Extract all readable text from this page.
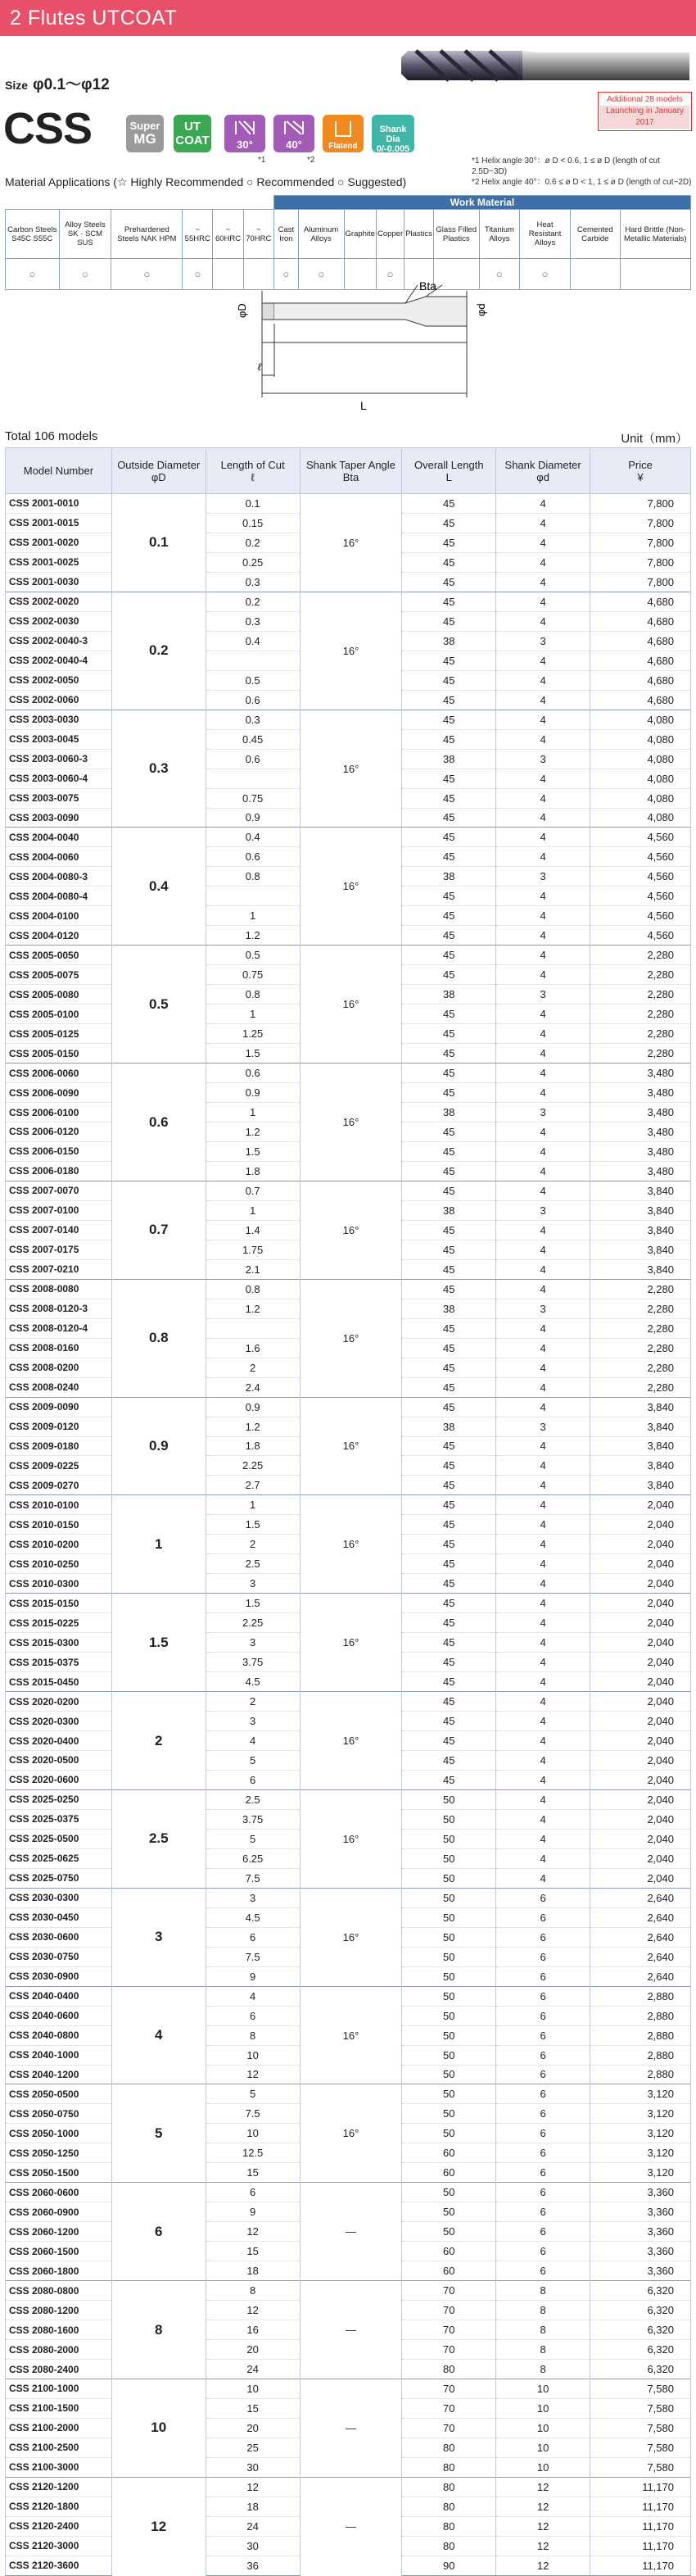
2 Flutes UTCOAT
Size φ0.1～φ12
CSS	Super
MG
UT
COAT	30°	40°	Flatend
Shank Dia
0/-0.005
*1	*2
Additional 28 models
Launching in January 2017
*1 Helix angle 30°：ø D < 0.6, 1 ≤ ø D (length of cut 2.5D~3D)
*2 Helix angle 40°：0.6 ≤ ø D < 1, 1 ≤ ø D (length of cut~2D)
Material Applications (☆ Highly Recommended ○ Recommended ○ Suggested)
						Work Material									
Carbon Steels S45C S55C	Alloy Steels SK · SCM SUS	Prehardened Steels NAK HPM	~ 55HRC	~ 60HRC	~ 70HRC	Cast Iron	Aluminum Alloys	Graphite	Copper	Plastics	Glass Filled Plastics	Titanium Alloys	Heat Resistant Alloys	Cemented Carbide	Hard Brittle (Non-Metallic Materials)
○	○	○	○			○	○		○			○	○		
Bta
φD	φd
ℓ
L
Total 106 models	Unit（mm）
Model Number	Outside Diameter
φD	Length of Cut
ℓ	Shank Taper Angle
Bta	Overall Length
L	Shank Diameter
φd	Price
¥
CSS 2001-0010	0.1	0.1	16°	45	4	7,800
CSS 2001-0015		0.15		45	4	7,800
CSS 2001-0020		0.2		45	4	7,800
CSS 2001-0025		0.25		45	4	7,800
CSS 2001-0030		0.3		45	4	7,800
CSS 2002-0020	0.2	0.2	16°	45	4	4,680
CSS 2002-0030		0.3		45	4	4,680
CSS 2002-0040-3		0.4		38	3	4,680
CSS 2002-0040-4				45	4	4,680
CSS 2002-0050		0.5		45	4	4,680
CSS 2002-0060		0.6		45	4	4,680
CSS 2003-0030	0.3	0.3	16°	45	4	4,080
CSS 2003-0045		0.45		45	4	4,080
CSS 2003-0060-3		0.6		38	3	4,080
CSS 2003-0060-4				45	4	4,080
CSS 2003-0075		0.75		45	4	4,080
CSS 2003-0090		0.9		45	4	4,080
CSS 2004-0040	0.4	0.4	16°	45	4	4,560
CSS 2004-0060		0.6		45	4	4,560
CSS 2004-0080-3		0.8		38	3	4,560
CSS 2004-0080-4				45	4	4,560
CSS 2004-0100		1		45	4	4,560
CSS 2004-0120		1.2		45	4	4,560
CSS 2005-0050	0.5	0.5	16°	45	4	2,280
CSS 2005-0075		0.75		45	4	2,280
CSS 2005-0080		0.8		38	3	2,280
CSS 2005-0100		1		45	4	2,280
CSS 2005-0125		1.25		45	4	2,280
CSS 2005-0150		1.5		45	4	2,280
CSS 2006-0060	0.6	0.6	16°	45	4	3,480
CSS 2006-0090		0.9		45	4	3,480
CSS 2006-0100		1		38	3	3,480
CSS 2006-0120		1.2		45	4	3,480
CSS 2006-0150		1.5		45	4	3,480
CSS 2006-0180		1.8		45	4	3,480
CSS 2007-0070	0.7	0.7	16°	45	4	3,840
CSS 2007-0100		1		38	3	3,840
CSS 2007-0140		1.4		45	4	3,840
CSS 2007-0175		1.75		45	4	3,840
CSS 2007-0210		2.1		45	4	3,840
CSS 2008-0080	0.8	0.8	16°	45	4	2,280
CSS 2008-0120-3		1.2		38	3	2,280
CSS 2008-0120-4				45	4	2,280
CSS 2008-0160		1.6		45	4	2,280
CSS 2008-0200		2		45	4	2,280
CSS 2008-0240		2.4		45	4	2,280
CSS 2009-0090	0.9	0.9	16°	45	4	3,840
CSS 2009-0120		1.2		38	3	3,840
CSS 2009-0180		1.8		45	4	3,840
CSS 2009-0225		2.25		45	4	3,840
CSS 2009-0270		2.7		45	4	3,840
CSS 2010-0100	1	1	16°	45	4	2,040
CSS 2010-0150		1.5		45	4	2,040
CSS 2010-0200		2		45	4	2,040
CSS 2010-0250		2.5		45	4	2,040
CSS 2010-0300		3		45	4	2,040
CSS 2015-0150	1.5	1.5	16°	45	4	2,040
CSS 2015-0225		2.25		45	4	2,040
CSS 2015-0300		3		45	4	2,040
CSS 2015-0375		3.75		45	4	2,040
CSS 2015-0450		4.5		45	4	2,040
CSS 2020-0200	2	2	16°	45	4	2,040
CSS 2020-0300		3		45	4	2,040
CSS 2020-0400		4		45	4	2,040
CSS 2020-0500		5		45	4	2,040
CSS 2020-0600		6		45	4	2,040
CSS 2025-0250	2.5	2.5	16°	50	4	2,040
CSS 2025-0375		3.75		50	4	2,040
CSS 2025-0500		5		50	4	2,040
CSS 2025-0625		6.25		50	4	2,040
CSS 2025-0750		7.5		50	4	2,040
CSS 2030-0300	3	3	16°	50	6	2,640
CSS 2030-0450		4.5		50	6	2,640
CSS 2030-0600		6		50	6	2,640
CSS 2030-0750		7.5		50	6	2,640
CSS 2030-0900		9		50	6	2,640
CSS 2040-0400	4	4	16°	50	6	2,880
CSS 2040-0600		6		50	6	2,880
CSS 2040-0800		8		50	6	2,880
CSS 2040-1000		10		50	6	2,880
CSS 2040-1200		12		50	6	2,880
CSS 2050-0500	5	5	16°	50	6	3,120
CSS 2050-0750		7.5		50	6	3,120
CSS 2050-1000		10		50	6	3,120
CSS 2050-1250		12.5		60	6	3,120
CSS 2050-1500		15		60	6	3,120
CSS 2060-0600	6	6	—	50	6	3,360
CSS 2060-0900		9		50	6	3,360
CSS 2060-1200		12		50	6	3,360
CSS 2060-1500		15		60	6	3,360
CSS 2060-1800		18		60	6	3,360
CSS 2080-0800	8	8	—	70	8	6,320
CSS 2080-1200		12		70	8	6,320
CSS 2080-1600		16		70	8	6,320
CSS 2080-2000		20		70	8	6,320
CSS 2080-2400		24		80	8	6,320
CSS 2100-1000	10	10	—	70	10	7,580
CSS 2100-1500		15		70	10	7,580
CSS 2100-2000		20		70	10	7,580
CSS 2100-2500		25		80	10	7,580
CSS 2100-3000		30		80	10	7,580
CSS 2120-1200	12	12	—	80	12	11,170
CSS 2120-1800		18		80	12	11,170
CSS 2120-2400		24		80	12	11,170
CSS 2120-3000		30		80	12	11,170
CSS 2120-3600		36		90	12	11,170
